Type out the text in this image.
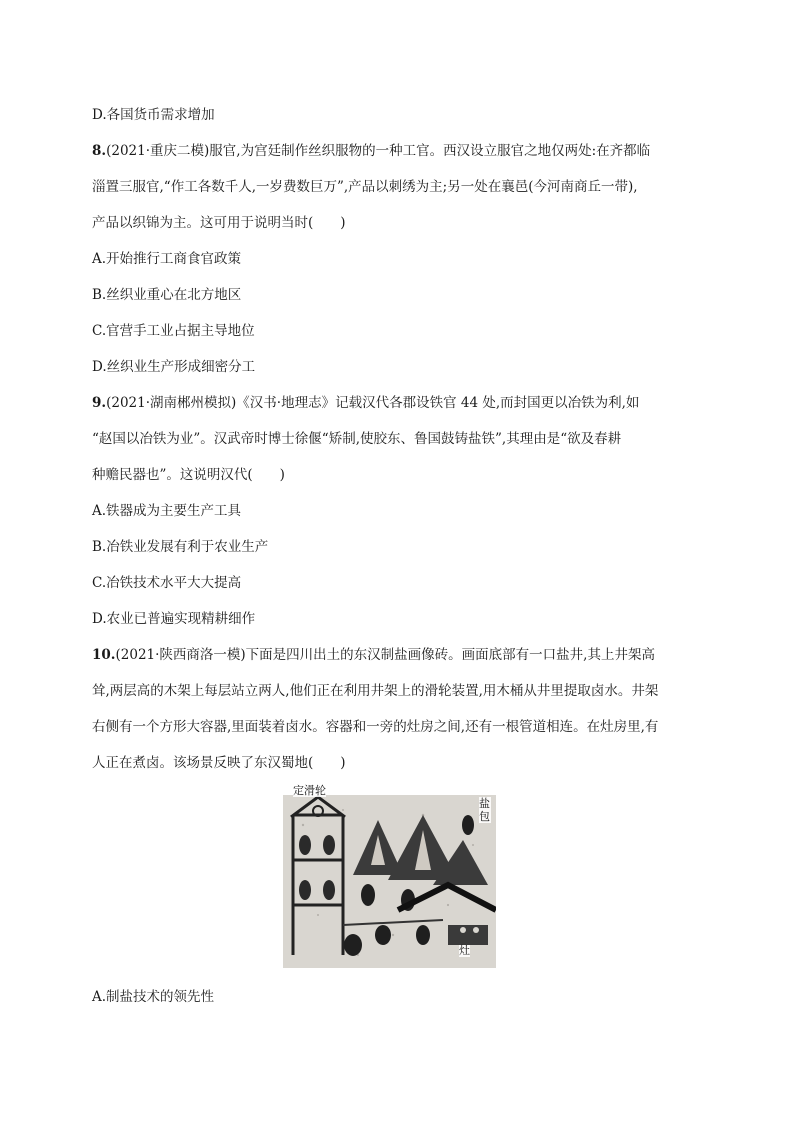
D.各国货币需求增加
8.(2021·重庆二模)服官,为宫廷制作丝织服物的一种工官。西汉设立服官之地仅两处:在齐都临
淄置三服官,“作工各数千人,一岁费数巨万”,产品以刺绣为主;另一处在襄邑(今河南商丘一带),
产品以织锦为主。这可用于说明当时(　　)
A.开始推行工商食官政策
B.丝织业重心在北方地区
C.官营手工业占据主导地位
D.丝织业生产形成细密分工
9.(2021·湖南郴州模拟)《汉书·地理志》记载汉代各郡设铁官 44 处,而封国更以冶铁为利,如
“赵国以冶铁为业”。汉武帝时博士徐偃“矫制,使胶东、鲁国鼓铸盐铁”,其理由是“欲及春耕
种赡民器也”。这说明汉代(　　)
A.铁器成为主要生产工具
B.冶铁业发展有利于农业生产
C.冶铁技术水平大大提高
D.农业已普遍实现精耕细作
10.(2021·陕西商洛一模)下面是四川出土的东汉制盐画像砖。画面底部有一口盐井,其上井架高
耸,两层高的木架上每层站立两人,他们正在利用井架上的滑轮装置,用木桶从井里提取卤水。井架
右侧有一个方形大容器,里面装着卤水。容器和一旁的灶房之间,还有一根管道相连。在灶房里,有
人正在煮卤。该场景反映了东汉蜀地(　　)
定滑轮
盐包
灶
A.制盐技术的领先性
